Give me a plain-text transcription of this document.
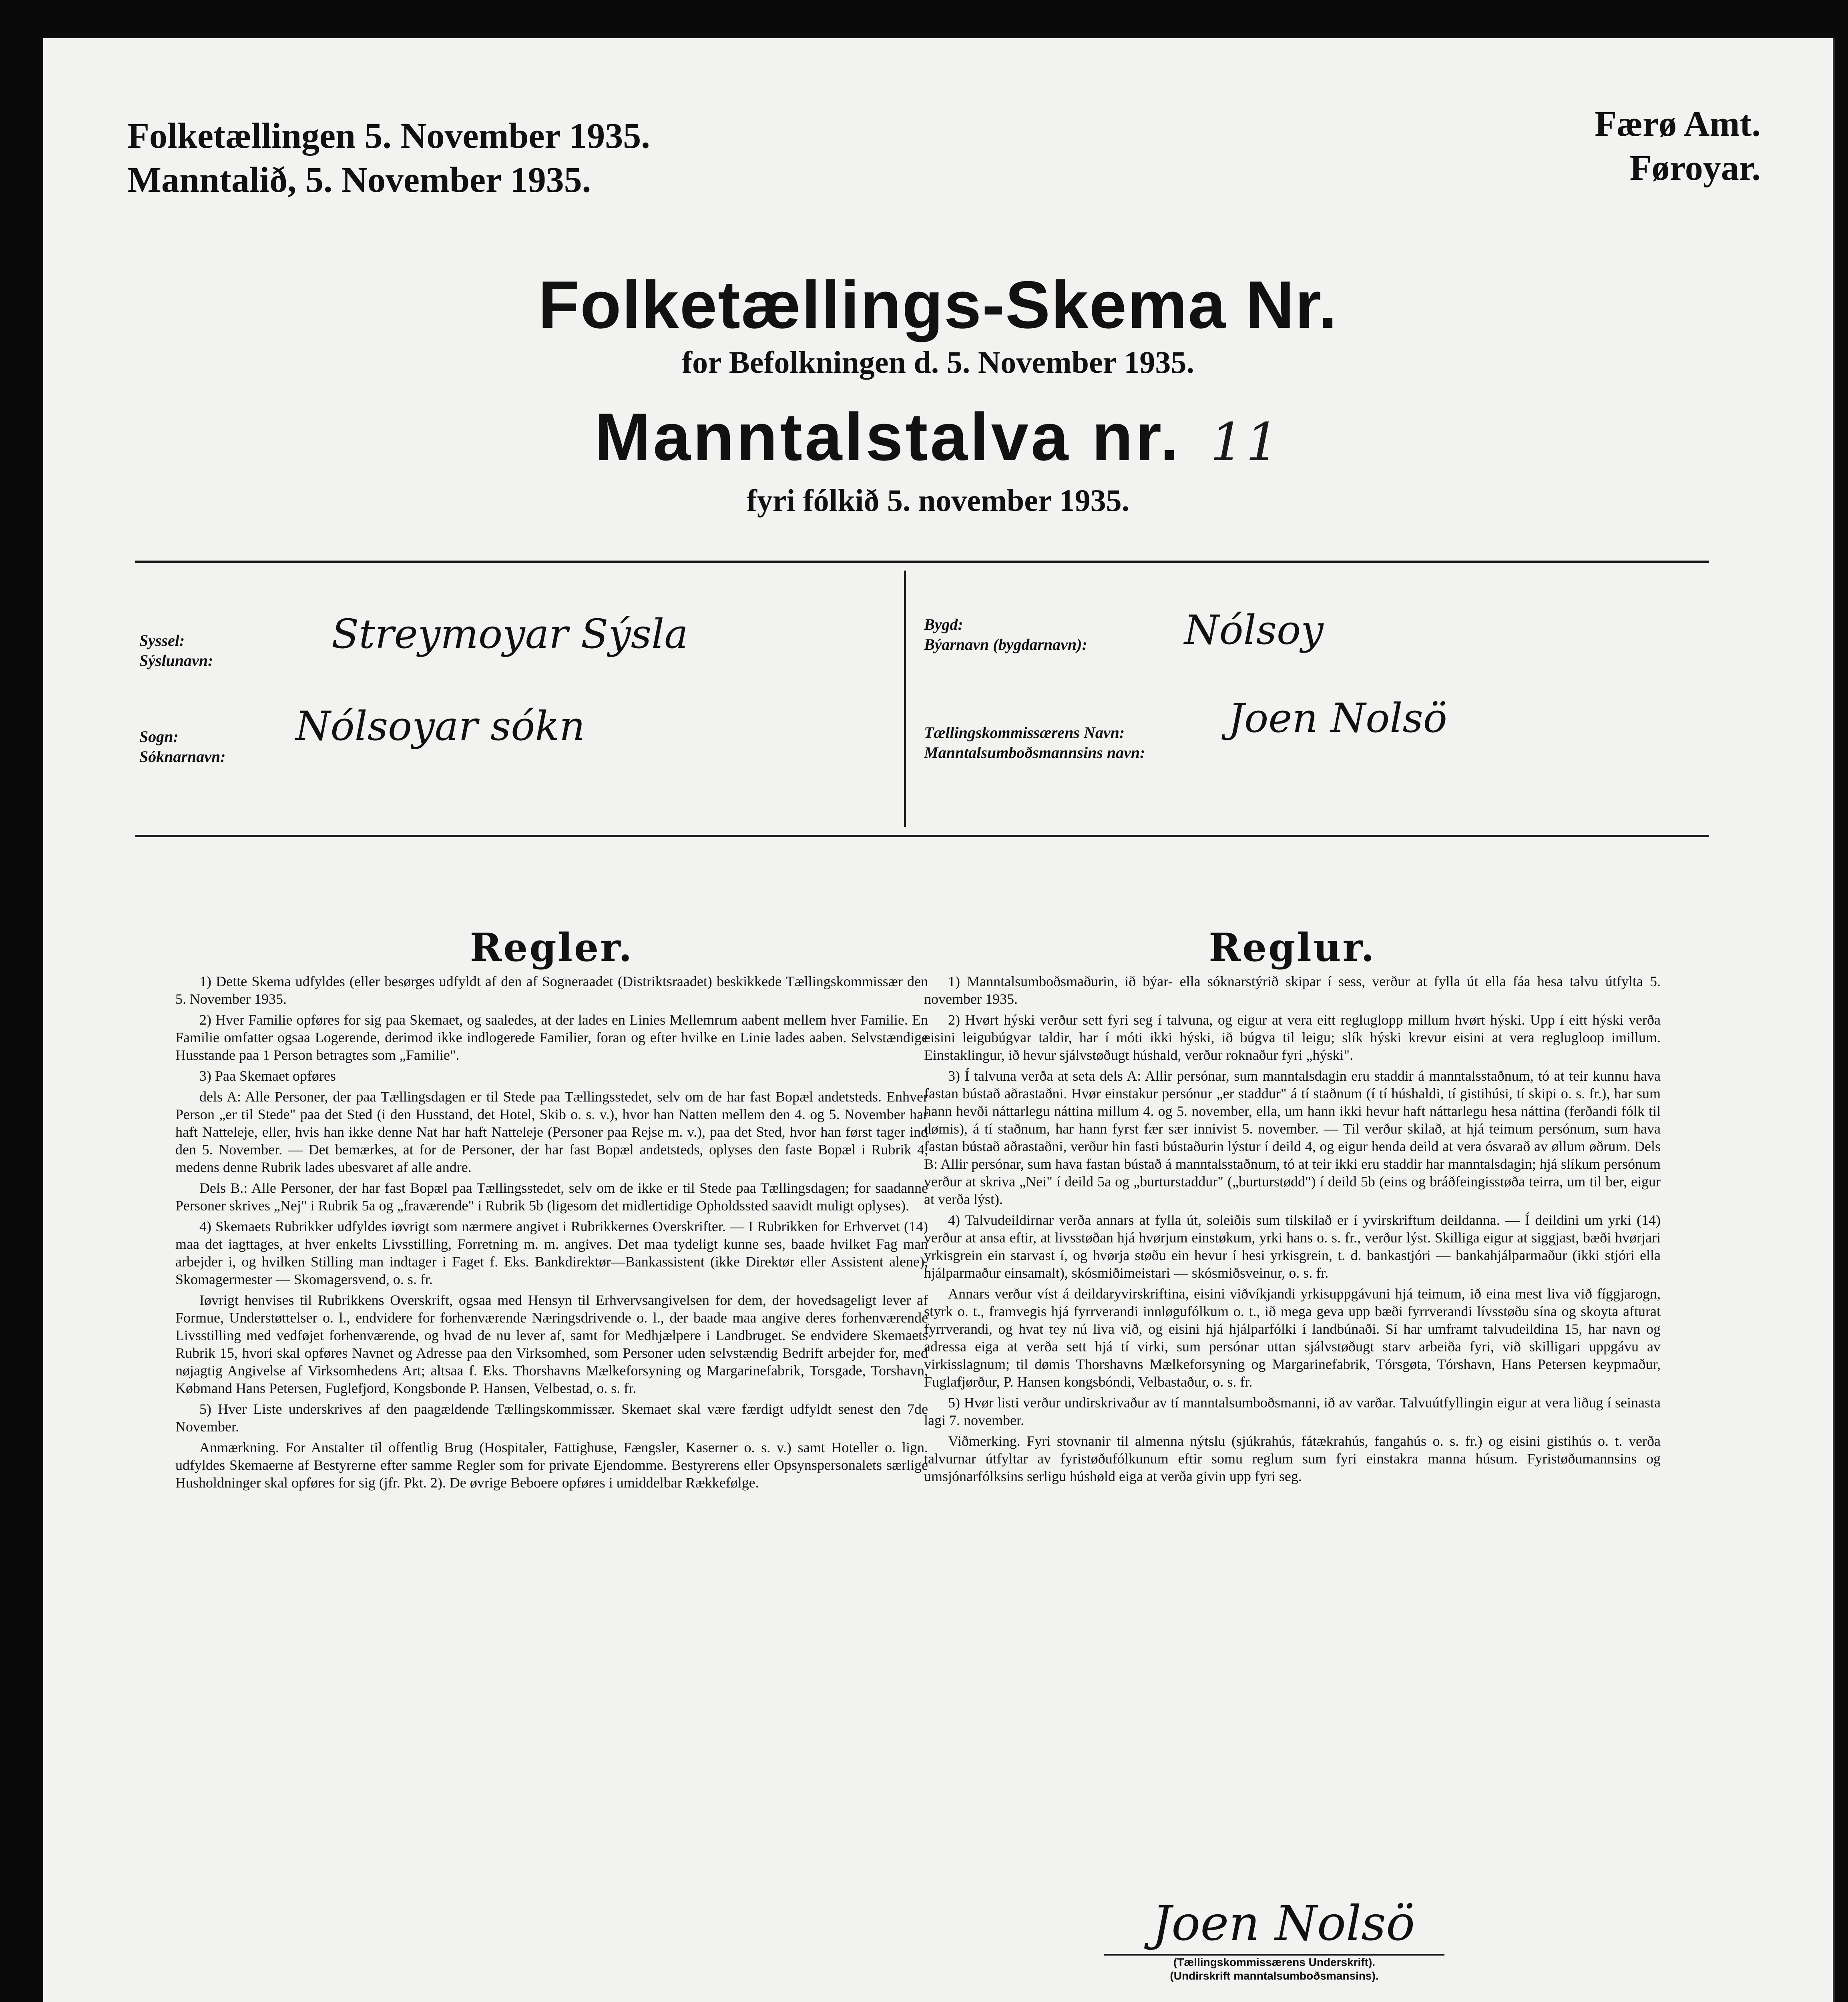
Folketællingen 5. November 1935.
Manntalið, 5. November 1935.
Færø Amt.
Føroyar.
Folketællings-Skema Nr.
for Befolkningen d. 5. November 1935.
Manntalstalva nr. 11
fyri fólkið 5. november 1935.
Syssel:
Sýslunavn:
Streymoyar Sýsla
Sogn:
Sóknarnavn:
Nólsoyar sókn
Bygd:
Býarnavn (bygdarnavn): Nólsoy
Tællingskommissærens Navn:
Manntalsumboðsmannsins navn:
Joen Nolsö
Regler.

1) Dette Skema udfyldes (eller besørges udfyldt af den af Sogneraadet (Distriktsraadet) beskikkede Tællingskommissær den 5. November 1935.

2) Hver Familie opføres for sig paa Skemaet, og saaledes, at der lades en Linies Mellemrum aabent mellem hver Familie. En Familie omfatter ogsaa Logerende, derimod ikke indlogerede Familier, foran og efter hvilke en Linie lades aaben. Selvstændige Husstande paa 1 Person betragtes som „Familie".

3) Paa Skemaet opføres

dels A: Alle Personer, der paa Tællingsdagen er til Stede paa Tællingsstedet, selv om de har fast Bopæl andetsteds. Enhver Person „er til Stede" paa det Sted (i den Husstand, det Hotel, Skib o. s. v.), hvor han Natten mellem den 4. og 5. November har haft Natteleje, eller, hvis han ikke denne Nat har haft Natteleje (Personer paa Rejse m. v.), paa det Sted, hvor han først tager ind den 5. November. — Det bemærkes, at for de Personer, der har fast Bopæl andetsteds, oplyses den faste Bopæl i Rubrik 4, medens denne Rubrik lades ubesvaret af alle andre.

Dels B.: Alle Personer, der har fast Bopæl paa Tællingsstedet, selv om de ikke er til Stede paa Tællingsdagen; for saadanne Personer skrives „Nej" i Rubrik 5a og „fraværende" i Rubrik 5b (ligesom det midlertidige Opholdssted saavidt muligt oplyses).

4) Skemaets Rubrikker udfyldes iøvrigt som nærmere angivet i Rubrikkernes Overskrifter. — I Rubrikken for Erhvervet (14) maa det iagttages, at hver enkelts Livsstilling, Forretning m. m. angives. Det maa tydeligt kunne ses, baade hvilket Fag man arbejder i, og hvilken Stilling man indtager i Faget f. Eks. Bankdirektør—Bankassistent (ikke Direktør eller Assistent alene), Skomagermester — Skomagersvend, o. s. fr.

Iøvrigt henvises til Rubrikkens Overskrift, ogsaa med Hensyn til Erhvervsangivelsen for dem, der hovedsageligt lever af Formue, Understøttelser o. l., endvidere for forhenværende Næringsdrivende o. l., der baade maa angive deres forhenværende Livsstilling med vedføjet forhenværende, og hvad de nu lever af, samt for Medhjælpere i Landbruget. Se endvidere Skemaets Rubrik 15, hvori skal opføres Navnet og Adresse paa den Virksomhed, som Personer uden selvstændig Bedrift arbejder for, med nøjagtig Angivelse af Virksomhedens Art; altsaa f. Eks. Thorshavns Mælkeforsyning og Margarinefabrik, Torsgade, Torshavn, Købmand Hans Petersen, Fuglefjord, Kongsbonde P. Hansen, Velbestad, o. s. fr.

5) Hver Liste underskrives af den paagældende Tællingskommissær. Skemaet skal være færdigt udfyldt senest den 7de November.

Anmærkning. For Anstalter til offentlig Brug (Hospitaler, Fattighuse, Fængsler, Kaserner o. s. v.) samt Hoteller o. lign. udfyldes Skemaerne af Bestyrerne efter samme Regler som for private Ejendomme. Bestyrerens eller Opsynspersonalets særlige Husholdninger skal opføres for sig (jfr. Pkt. 2). De øvrige Beboere opføres i umiddelbar Rækkefølge.

Reglur.

1) Manntalsumboðsmaðurin, ið býar- ella sóknarstýrið skipar í sess, verður at fylla út ella fáa hesa talvu útfylta 5. november 1935.

2) Hvørt hýski verður sett fyri seg í talvuna, og eigur at vera eitt regluglopp millum hvørt hýski. Upp í eitt hýski verða eisini leigubúgvar taldir, har í móti ikki hýski, ið búgva til leigu; slík hýski krevur eisini at vera reglugloop imillum. Einstaklingur, ið hevur sjálvstøðugt húshald, verður roknaður fyri „hýski".

3) Í talvuna verða at seta dels A: Allir persónar, sum manntalsdagin eru staddir á manntalsstaðnum, tó at teir kunnu hava fastan bústað aðrastaðni. Hvør einstakur persónur „er staddur" á tí staðnum (í tí húshaldi, tí gistihúsi, tí skipi o. s. fr.), har sum hann hevði náttarlegu náttina millum 4. og 5. november, ella, um hann ikki hevur haft náttarlegu hesa náttina (ferðandi fólk til dømis), á tí staðnum, har hann fyrst fær sær innivist 5. november. — Til verður skilað, at hjá teimum persónum, sum hava fastan bústað aðrastaðni, verður hin fasti bústaðurin lýstur í deild 4, og eigur henda deild at vera ósvarað av øllum øðrum. Dels B: Allir persónar, sum hava fastan bústað á manntalsstaðnum, tó at teir ikki eru staddir har manntalsdagin; hjá slíkum persónum verður at skriva „Nei" í deild 5a og „burturstaddur" („burturstødd") í deild 5b (eins og bráðfeingisstøða teirra, um til ber, eigur at verða lýst).

4) Talvudeildirnar verða annars at fylla út, soleiðis sum tilskilað er í yvirskriftum deildanna. — Í deildini um yrki (14) verður at ansa eftir, at livsstøðan hjá hvørjum einstøkum, yrki hans o. s. fr., verður lýst. Skilliga eigur at siggjast, bæði hvørjari yrkisgrein ein starvast í, og hvørja støðu ein hevur í hesi yrkisgrein, t. d. bankastjóri — bankahjálparmaður (ikki stjóri ella hjálparmaður einsamalt), skósmiðimeistari — skósmiðsveinur, o. s. fr.

Annars verður víst á deildaryvirskriftina, eisini viðvíkjandi yrkisuppgávuni hjá teimum, ið eina mest liva við fíggjarogn, styrk o. t., framvegis hjá fyrrverandi innløgufólkum o. t., ið mega geva upp bæði fyrrverandi lívsstøðu sína og skoyta afturat fyrrverandi, og hvat tey nú liva við, og eisini hjá hjálparfólki í landbúnaði. Sí har umframt talvudeildina 15, har navn og adressa eiga at verða sett hjá tí virki, sum persónar uttan sjálvstøðugt starv arbeiða fyri, við skilligari uppgávu av virkisslagnum; til dømis Thorshavns Mælkeforsyning og Margarinefabrik, Tórsgøta, Tórshavn, Hans Petersen keypmaður, Fuglafjørður, P. Hansen kongsbóndi, Velbastaður, o. s. fr.

5) Hvør listi verður undirskrivaður av tí manntalsumboðsmanni, ið av varðar. Talvuútfyllingin eigur at vera liðug í seinasta lagi 7. november.

Viðmerking. Fyri stovnanir til almenna nýtslu (sjúkrahús, fátækrahús, fangahús o. s. fr.) og eisini gistihús o. t. verða talvurnar útfyltar av fyristøðufólkunum eftir somu reglum sum fyri einstakra manna húsum. Fyristøðumannsins og umsjónarfólksins serligu húshøld eiga at verða givin upp fyri seg.

Joen Nolsö
(Tællingskommissærens Underskrift).
(Undirskrift manntalsumboðsmansins).
